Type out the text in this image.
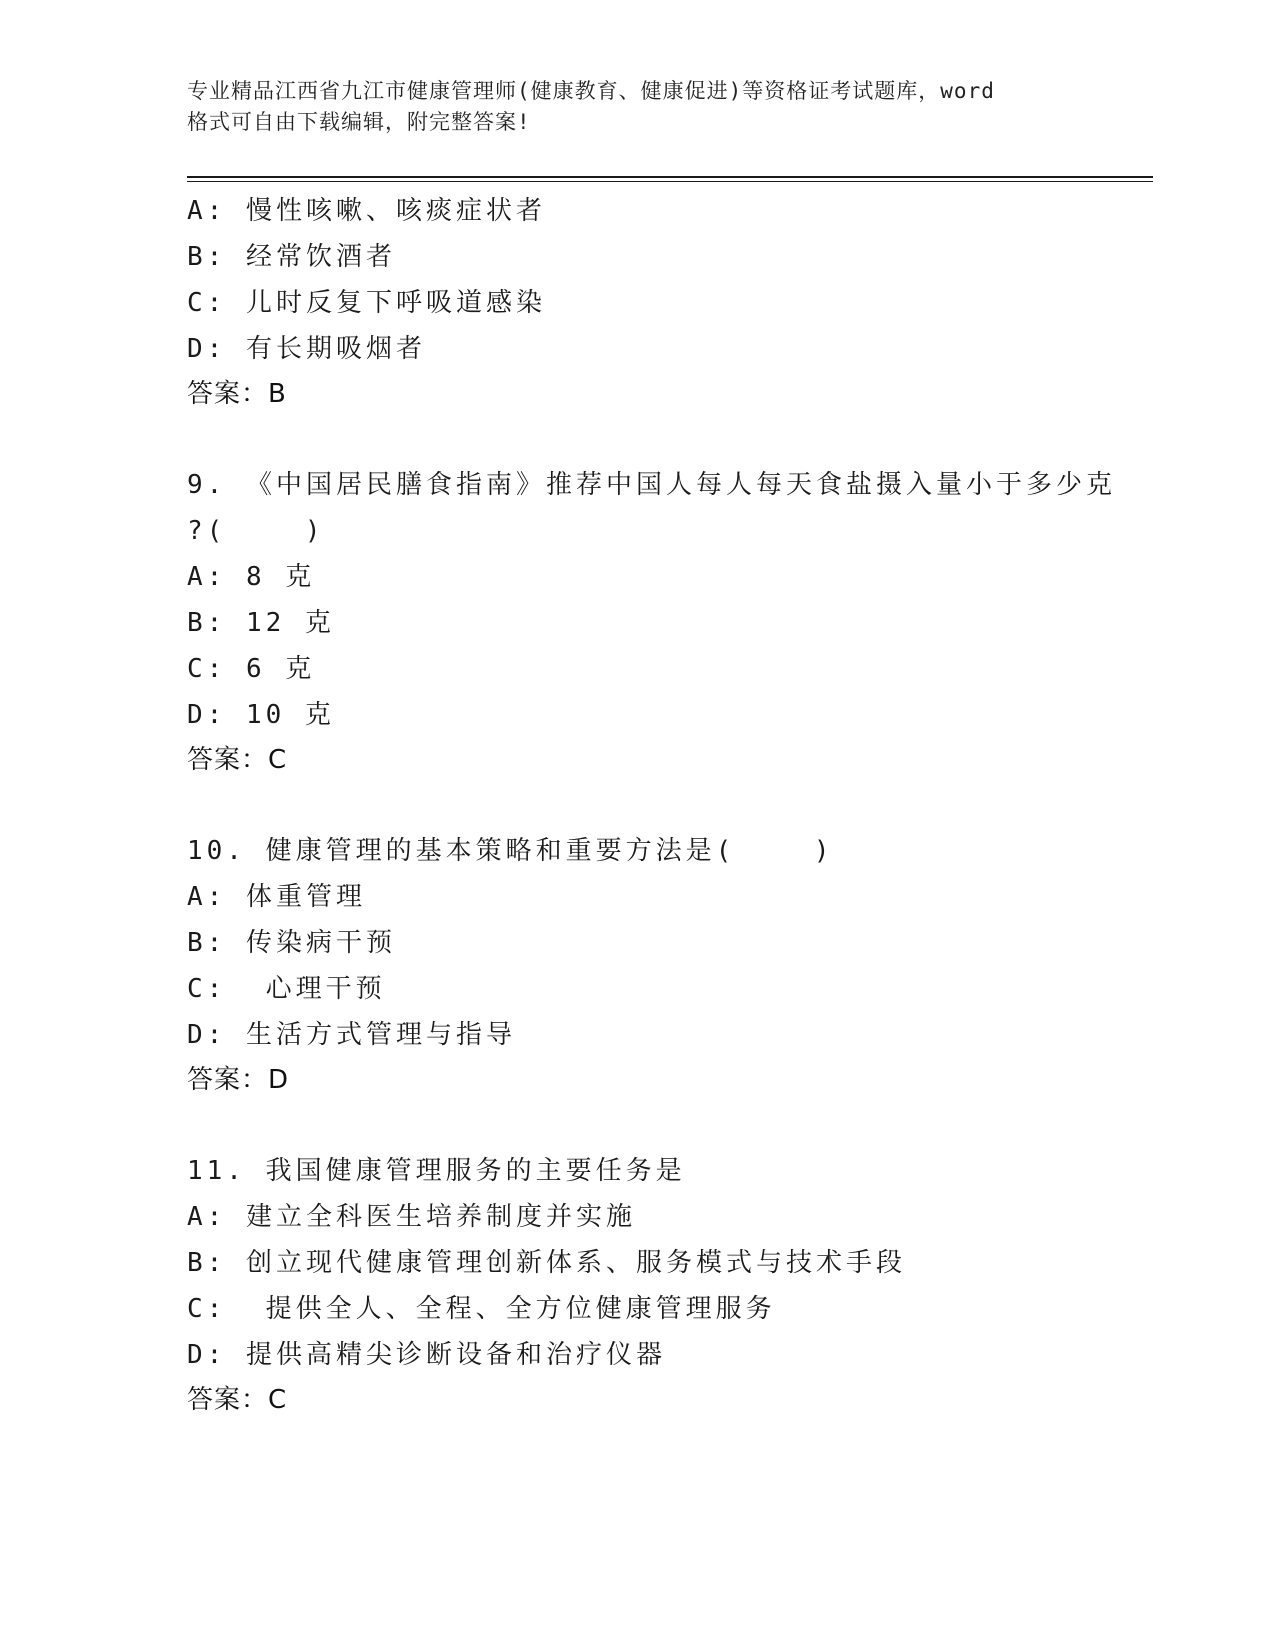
专业精品江西省九江市健康管理师(健康教育、健康促进)等资格证考试题库，word
格式可自由下载编辑，附完整答案!
A: 慢性咳嗽、咳痰症状者
B: 经常饮酒者
C: 儿时反复下呼吸道感染
D: 有长期吸烟者
答案：B
9. 《中国居民膳食指南》推荐中国人每人每天食盐摄入量小于多少克
?(    )
A: 8 克
B: 12 克
C: 6 克
D: 10 克
答案：C
10. 健康管理的基本策略和重要方法是(    )
A: 体重管理
B: 传染病干预
C:  心理干预
D: 生活方式管理与指导
答案：D
11. 我国健康管理服务的主要任务是
A: 建立全科医生培养制度并实施
B: 创立现代健康管理创新体系、服务模式与技术手段
C:  提供全人、全程、全方位健康管理服务
D: 提供高精尖诊断设备和治疗仪器
答案：C
